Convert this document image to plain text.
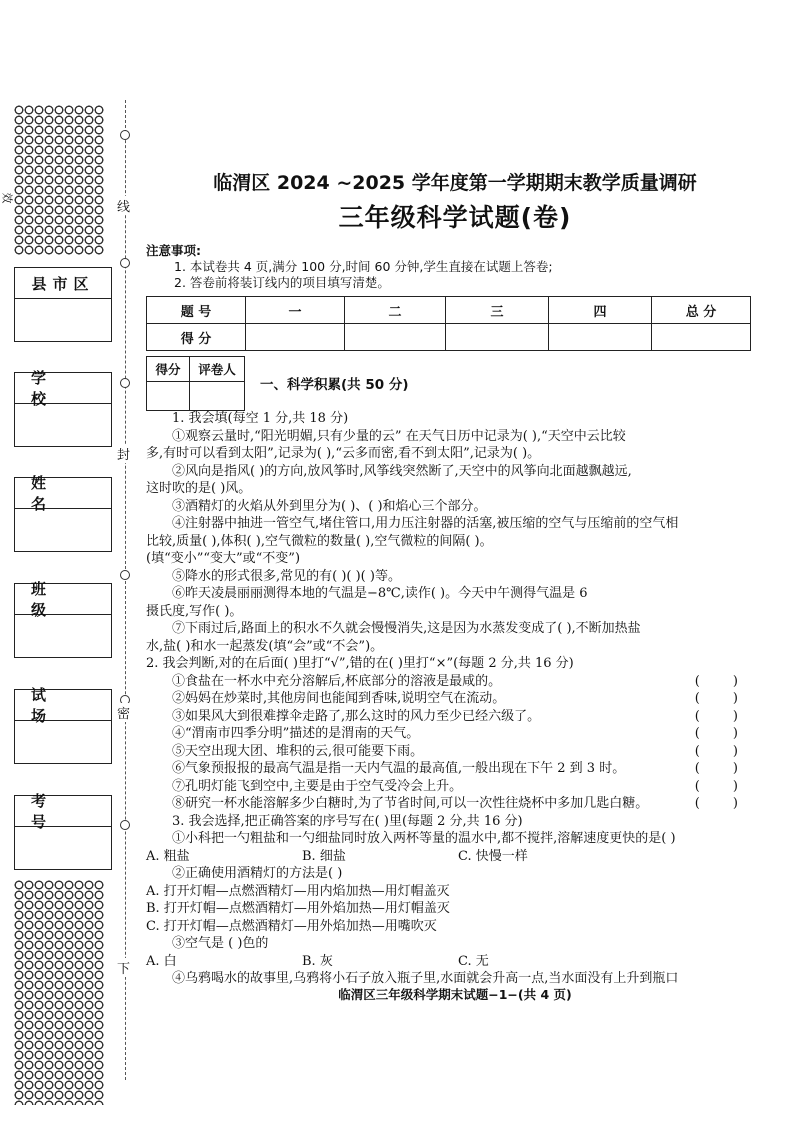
效
线
封
密
下
县市区
学 校
姓 名
班 级
试 场
考 号
临渭区 2024 ~2025 学年度第一学期期末教学质量调研
三年级科学试题(卷)
注意事项:
1. 本试卷共 4 页,满分 100 分,时间 60 分钟,学生直接在试题上答卷;
2. 答卷前将装订线内的项目填写清楚。
题 号	一	二	三	四	总 分
得 分					
得分	评卷人

一、科学积累(共 50 分)

1. 我会填(每空 1 分,共 18 分)

①观察云量时,“阳光明媚,只有少量的云” 在天气日历中记录为( ),“天空中云比较

多,有时可以看到太阳”,记录为( ),“云多而密,看不到太阳”,记录为( )。

②风向是指风( )的方向,放风筝时,风筝线突然断了,天空中的风筝向北面越飘越远,

这时吹的是( )风。

③酒精灯的火焰从外到里分为( )、( )和焰心三个部分。

④注射器中抽进一管空气,堵住管口,用力压注射器的活塞,被压缩的空气与压缩前的空气相

比较,质量( ),体积( ),空气微粒的数量( ),空气微粒的间隔( )。

(填“变小”“变大”或“不变”)

⑤降水的形式很多,常见的有( )( )( )等。

⑥昨天凌晨丽丽测得本地的气温是−8℃,读作( )。今天中午测得气温是 6

摄氏度,写作( )。

⑦下雨过后,路面上的积水不久就会慢慢消失,这是因为水蒸发变成了( ),不断加热盐

水,盐( )和水一起蒸发(填“会”或“不会”)。

2. 我会判断,对的在后面( )里打“√”,错的在( )里打“×”(每题 2 分,共 16 分)

①食盐在一杯水中充分溶解后,杯底部分的溶液是最咸的。	(        )
②妈妈在炒菜时,其他房间也能闻到香味,说明空气在流动。	(        )
③如果风大到很难撑伞走路了,那么这时的风力至少已经六级了。	(        )
④“渭南市四季分明”描述的是渭南的天气。	(        )
⑤天空出现大团、堆积的云,很可能要下雨。	(        )
⑥气象预报报的最高气温是指一天内气温的最高值,一般出现在下午 2 到 3 时。	(        )
⑦孔明灯能飞到空中,主要是由于空气受冷会上升。	(        )
⑧研究一杯水能溶解多少白糖时,为了节省时间,可以一次性往烧杯中多加几匙白糖。	(        )

3. 我会选择,把正确答案的序号写在( )里(每题 2 分,共 16 分)

①小科把一勺粗盐和一勺细盐同时放入两杯等量的温水中,都不搅拌,溶解速度更快的是( )

A. 粗盐	B. 细盐	C. 快慢一样

②正确使用酒精灯的方法是( )

A. 打开灯帽—点燃酒精灯—用内焰加热—用灯帽盖灭

B. 打开灯帽—点燃酒精灯—用外焰加热—用灯帽盖灭

C. 打开灯帽—点燃酒精灯—用外焰加热—用嘴吹灭

③空气是 ( )色的

A. 白	B. 灰	C. 无

④乌鸦喝水的故事里,乌鸦将小石子放入瓶子里,水面就会升高一点,当水面没有上升到瓶口

临渭区三年级科学期末试题−1−(共 4 页)
